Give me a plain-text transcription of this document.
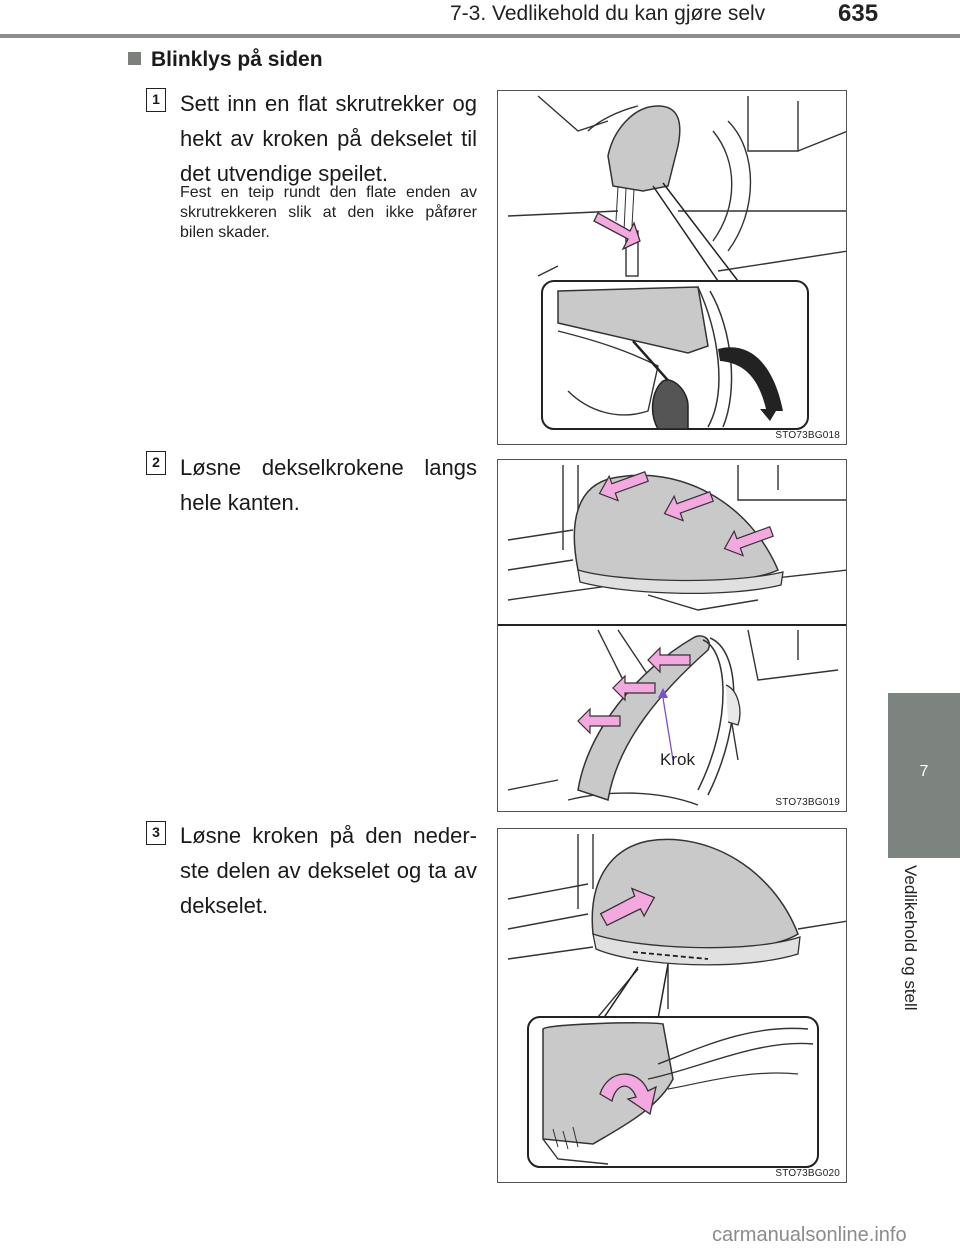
7-3. Vedlikehold du kan gjøre selv	635
Blinklys på siden
1 Sett inn en flat skrutrekker og hekt av kroken på dekselet til det utvendige speilet.
Fest en teip rundt den flate enden av skrutrekkeren slik at den ikke påfører bilen skader.
STO73BG018
2 Løsne dekselkrokene langs hele kanten.
Krok
STO73BG019
3 Løsne kroken på den neder-ste delen av dekselet og ta av dekselet.
STO73BG020
7
Vedlikehold og stell
carmanualsonline.info
